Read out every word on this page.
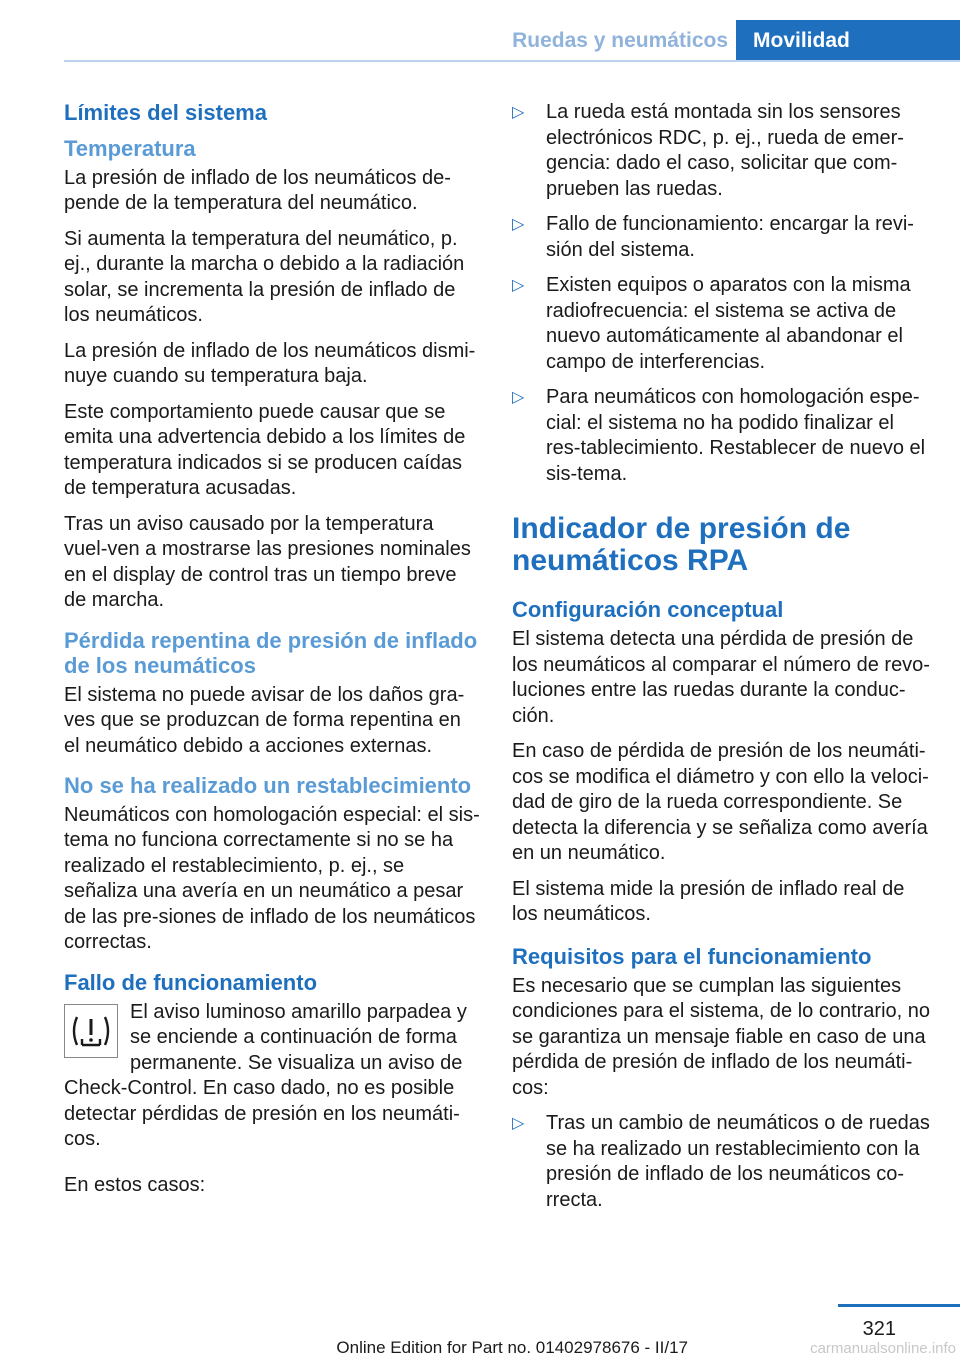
Ruedas y neumáticos	Movilidad
Límites del sistema
Temperatura

La presión de inflado de los neumáticos de‐pende de la temperatura del neumático.

Si aumenta la temperatura del neumático, p. ej., durante la marcha o debido a la radiación solar, se incrementa la presión de inflado de los neumáticos.

La presión de inflado de los neumáticos dismi‐nuye cuando su temperatura baja.

Este comportamiento puede causar que se emita una advertencia debido a los límites de temperatura indicados si se producen caídas de temperatura acusadas.

Tras un aviso causado por la temperatura vuel‐ven a mostrarse las presiones nominales en el display de control tras un tiempo breve de marcha.

Pérdida repentina de presión de inflado de los neumáticos

El sistema no puede avisar de los daños gra‐ves que se produzcan de forma repentina en el neumático debido a acciones externas.

No se ha realizado un restablecimiento

Neumáticos con homologación especial: el sis‐tema no funciona correctamente si no se ha realizado el restablecimiento, p. ej., se señaliza una avería en un neumático a pesar de las pre‐siones de inflado de los neumáticos correctas.

Fallo de funcionamiento

El aviso luminoso amarillo parpadea y se enciende a continuación de forma permanente. Se visualiza un aviso de Check-Control. En caso dado, no es posible detectar pérdidas de presión en los neumáti‐cos.

En estos casos:

▷ La rueda está montada sin los sensores electrónicos RDC, p. ej., rueda de emer‐gencia: dado el caso, solicitar que com‐prueben las ruedas.
▷ Fallo de funcionamiento: encargar la revi‐sión del sistema.
▷ Existen equipos o aparatos con la misma radiofrecuencia: el sistema se activa de nuevo automáticamente al abandonar el campo de interferencias.
▷ Para neumáticos con homologación espe‐cial: el sistema no ha podido finalizar el res‐tablecimiento. Restablecer de nuevo el sis‐tema.
Indicador de presión de neumáticos RPA
Configuración conceptual

El sistema detecta una pérdida de presión de los neumáticos al comparar el número de revo‐luciones entre las ruedas durante la conduc‐ción.

En caso de pérdida de presión de los neumáti‐cos se modifica el diámetro y con ello la veloci‐dad de giro de la rueda correspondiente. Se detecta la diferencia y se señaliza como avería en un neumático.

El sistema mide la presión de inflado real de los neumáticos.

Requisitos para el funcionamiento

Es necesario que se cumplan las siguientes condiciones para el sistema, de lo contrario, no se garantiza un mensaje fiable en caso de una pérdida de presión de inflado de los neumáti‐cos:

▷ Tras un cambio de neumáticos o de ruedas se ha realizado un restablecimiento con la presión de inflado de los neumáticos co‐rrecta.
321
Online Edition for Part no. 01402978676 - II/17	carmanualsonline.info
